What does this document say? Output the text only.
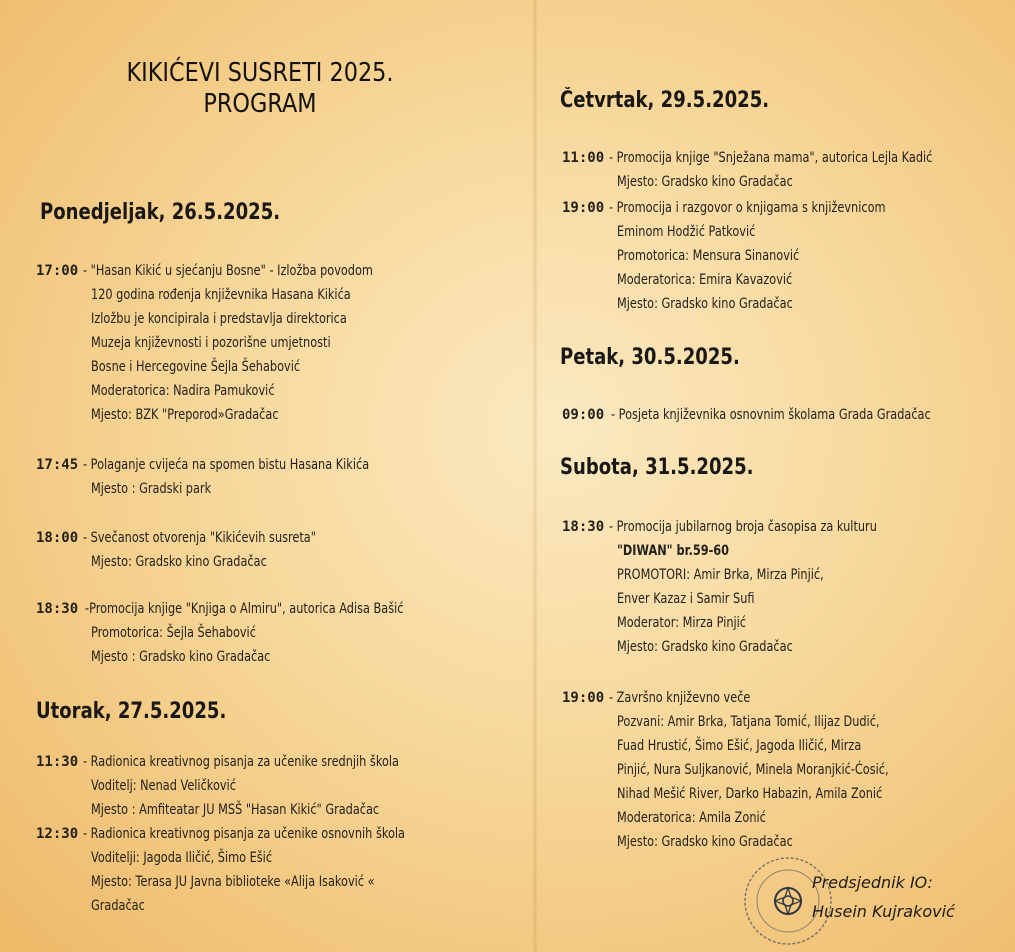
KIKIĆEVI SUSRETI 2025.
PROGRAM
Ponedjeljak, 26.5.2025.
17:00 - "Hasan Kikić u sjećanju Bosne" - Izložba povodom
120 godina rođenja književnika Hasana Kikića
Izložbu je koncipirala i predstavlja direktorica
Muzeja književnosti i pozorišne umjetnosti
Bosne i Hercegovine Šejla Šehabović
Moderatorica: Nadira Pamuković
Mjesto: BZK "Preporod»Gradačac
17:45 - Polaganje cvijeća na spomen bistu Hasana Kikića
Mjesto : Gradski park
18:00 - Svečanost otvorenja "Kikićevih susreta"
Mjesto: Gradsko kino Gradačac
18:30 -Promocija knjige "Knjiga o Almiru", autorica Adisa Bašić
Promotorica: Šejla Šehabović
Mjesto : Gradsko kino Gradačac
Utorak, 27.5.2025.
11:30 - Radionica kreativnog pisanja za učenike srednjih škola
Voditelj: Nenad Veličković
Mjesto : Amfiteatar JU MSŠ "Hasan Kikić" Gradačac
12:30 - Radionica kreativnog pisanja za učenike osnovnih škola
Voditelji: Jagoda Iličić, Šimo Ešić
Mjesto: Terasa JU Javna biblioteke «Alija Isaković «
Gradačac
Četvrtak, 29.5.2025.
11:00 - Promocija knjige "Snježana mama", autorica Lejla Kadić
Mjesto: Gradsko kino Gradačac
19:00 - Promocija i razgovor o knjigama s književnicom
Eminom Hodžić Patković
Promotorica: Mensura Sinanović
Moderatorica: Emira Kavazović
Mjesto: Gradsko kino Gradačac
Petak, 30.5.2025.
09:00 - Posjeta književnika osnovnim školama Grada Gradačac
Subota, 31.5.2025.
18:30 - Promocija jubilarnog broja časopisa za kulturu
"DIWAN" br.59-60
PROMOTORI: Amir Brka, Mirza Pinjić,
Enver Kazaz i Samir Sufi
Moderator: Mirza Pinjić
Mjesto: Gradsko kino Gradačac
19:00 - Završno književno veče
Pozvani: Amir Brka, Tatjana Tomić, Ilijaz Dudić,
Fuad Hrustić, Šimo Ešić, Jagoda Iličić, Mirza
Pinjić, Nura Suljkanović, Minela Moranjkić-Ćosić,
Nihad Mešić River, Darko Habazin, Amila Zonić
Moderatorica: Amila Zonić
Mjesto: Gradsko kino Gradačac
Predsjednik IO:
Husein Kujraković
